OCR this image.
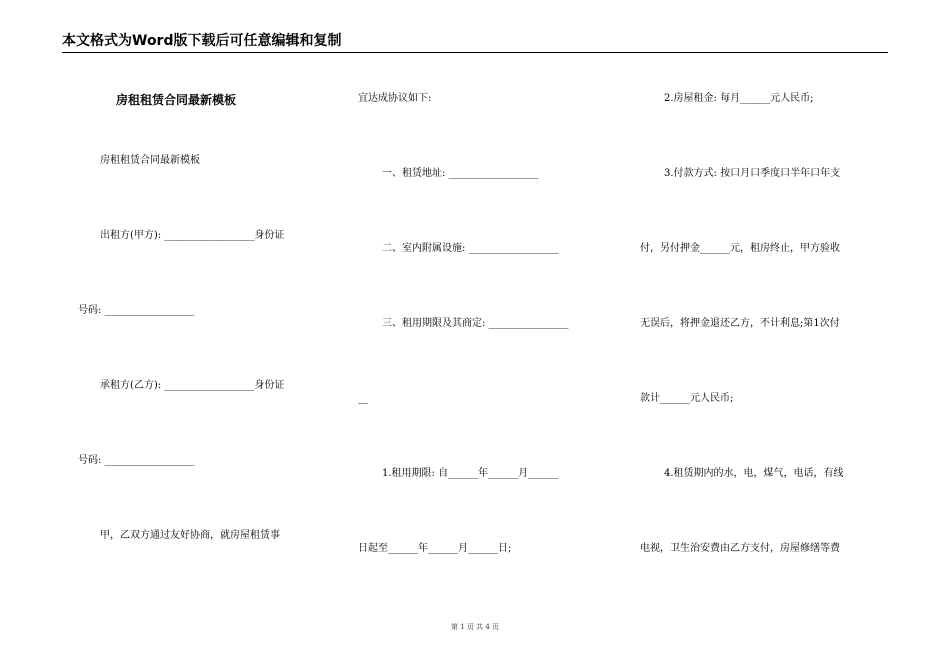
本文格式为Word版下载后可任意编辑和复制
房租租赁合同最新模板
房租租赁合同最新模板
出租方(甲方): __________________身份证
号码: __________________
承租方(乙方): __________________身份证
号码: __________________
甲，乙双方通过友好协商，就房屋租赁事
宜达成协议如下:
一、租赁地址: __________________
二、室内附属设施: __________________
三、租用期限及其商定: ________________
__
1.租用期限: 自______年______月______
日起至______年______月______日;
2.房屋租金: 每月______元人民币;
3.付款方式: 按口月口季度口半年口年支
付，另付押金______元，租房终止，甲方验收
无误后，将押金退还乙方，不计利息;第1次付
款计______元人民币;
4.租赁期内的水，电，煤气，电话，有线
电视，卫生治安费由乙方支付，房屋修缮等费
第 1 页 共 4 页
